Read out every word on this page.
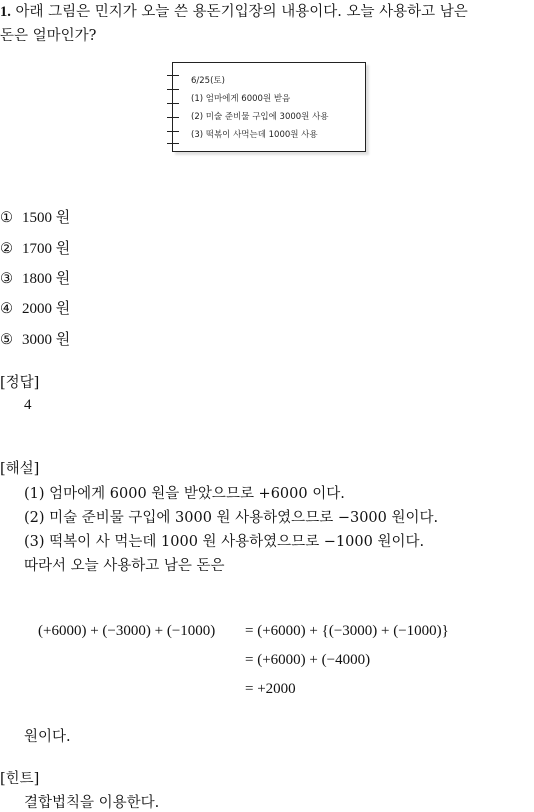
1. 아래 그림은 민지가 오늘 쓴 용돈기입장의 내용이다. 오늘 사용하고 남은
돈은 얼마인가?
6/25(토)
(1) 엄마에게 6000원 받음
(2) 미술 준비물 구입에 3000원 사용
(3) 떡볶이 사먹는데 1000원 사용
① 1500 원
② 1700 원
③ 1800 원
④ 2000 원
⑤ 3000 원
[정답]
4
[해설]
(1) 엄마에게 6000 원을 받았으므로 +6000 이다.
(2) 미술 준비물 구입에 3000 원 사용하였으므로 −3000 원이다.
(3) 떡복이 사 먹는데 1000 원 사용하였으므로 −1000 원이다.
따라서 오늘 사용하고 남은 돈은
(+6000) + (−3000) + (−1000) = (+6000) + {(−3000) + (−1000)}
= (+6000) + (−4000)
= +2000
원이다.
[힌트]
결합법칙을 이용한다.
